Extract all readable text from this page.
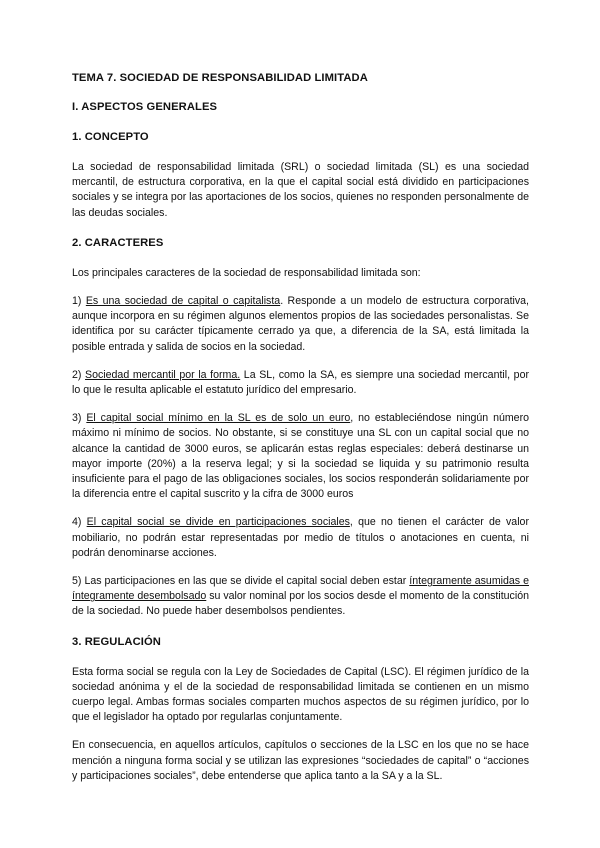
TEMA 7. SOCIEDAD DE RESPONSABILIDAD LIMITADA
I. ASPECTOS GENERALES
1. CONCEPTO

La sociedad de responsabilidad limitada (SRL) o sociedad limitada (SL) es una sociedad mercantil, de estructura corporativa, en la que el capital social está dividido en participaciones sociales y se integra por las aportaciones de los socios, quienes no responden personalmente de las deudas sociales.

2. CARACTERES

Los principales caracteres de la sociedad de responsabilidad limitada son:

1) Es una sociedad de capital o capitalista. Responde a un modelo de estructura corporativa, aunque incorpora en su régimen algunos elementos propios de las sociedades personalistas. Se identifica por su carácter típicamente cerrado ya que, a diferencia de la SA, está limitada la posible entrada y salida de socios en la sociedad.

2) Sociedad mercantil por la forma. La SL, como la SA, es siempre una sociedad mercantil, por lo que le resulta aplicable el estatuto jurídico del empresario.

3) El capital social mínimo en la SL es de solo un euro, no estableciéndose ningún número máximo ni mínimo de socios. No obstante, si se constituye una SL con un capital social que no alcance la cantidad de 3000 euros, se aplicarán estas reglas especiales: deberá destinarse un mayor importe (20%) a la reserva legal; y si la sociedad se liquida y su patrimonio resulta insuficiente para el pago de las obligaciones sociales, los socios responderán solidariamente por la diferencia entre el capital suscrito y la cifra de 3000 euros

4) El capital social se divide en participaciones sociales, que no tienen el carácter de valor mobiliario, no podrán estar representadas por medio de títulos o anotaciones en cuenta, ni podrán denominarse acciones.

5) Las participaciones en las que se divide el capital social deben estar íntegramente asumidas e íntegramente desembolsado su valor nominal por los socios desde el momento de la constitución de la sociedad. No puede haber desembolsos pendientes.

3. REGULACIÓN

Esta forma social se regula con la Ley de Sociedades de Capital (LSC). El régimen jurídico de la sociedad anónima y el de la sociedad de responsabilidad limitada se contienen en un mismo cuerpo legal. Ambas formas sociales comparten muchos aspectos de su régimen jurídico, por lo que el legislador ha optado por regularlas conjuntamente.

En consecuencia, en aquellos artículos, capítulos o secciones de la LSC en los que no se hace mención a ninguna forma social y se utilizan las expresiones “sociedades de capital” o “acciones y participaciones sociales”, debe entenderse que aplica tanto a la SA y a la SL.
